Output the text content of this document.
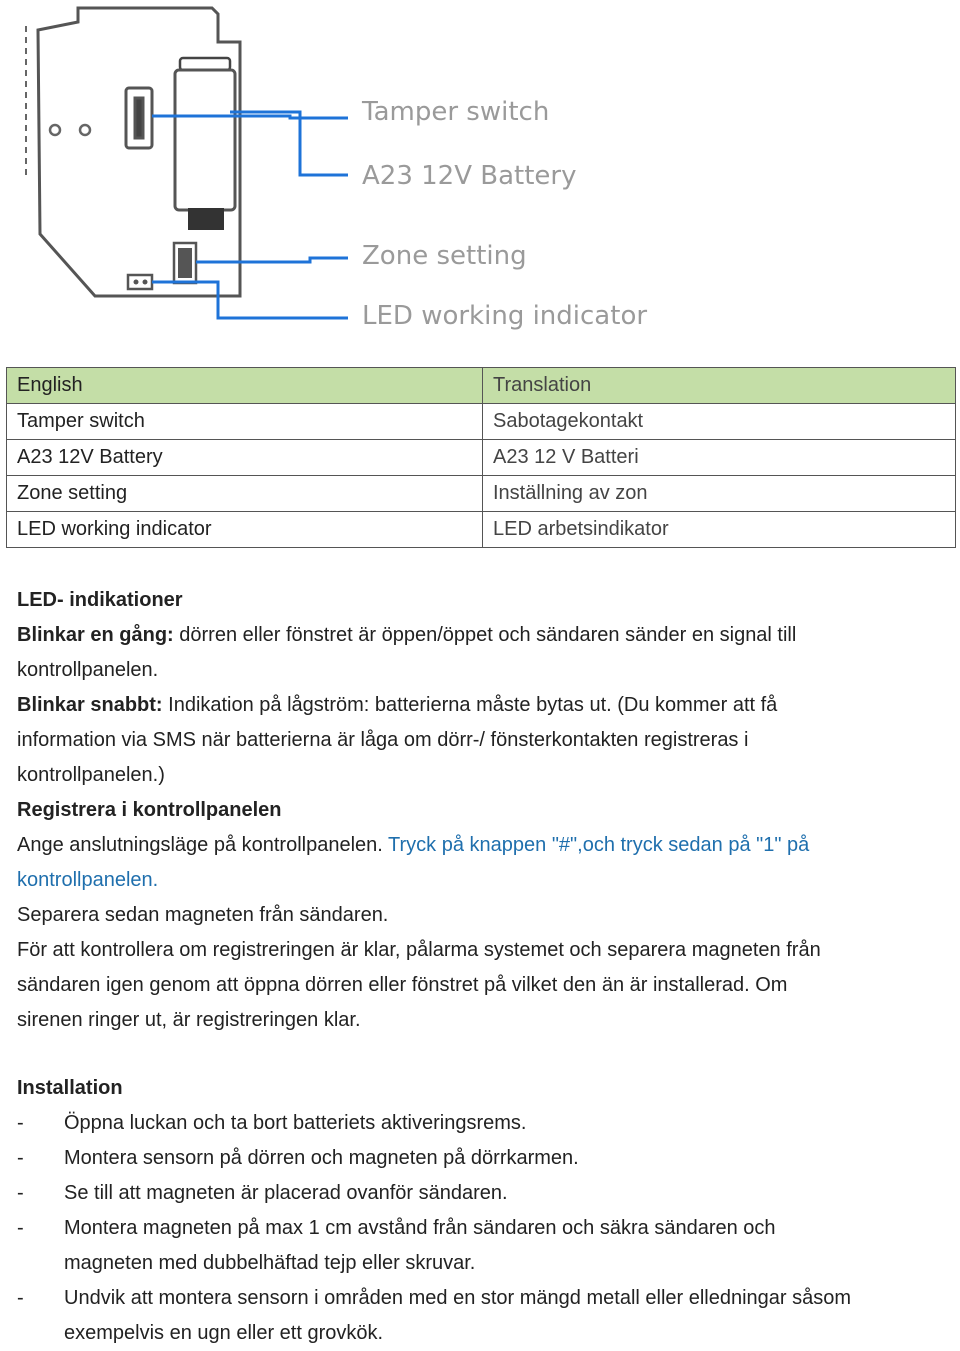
Tamper switch
A23 12V Battery
Zone setting
LED working indicator
English	Translation
Tamper switch	Sabotagekontakt
A23 12V Battery	A23 12 V Batteri
Zone setting	Inställning av zon
LED working indicator	LED arbetsindikator
LED- indikationer
Blinkar en gång: dörren eller fönstret är öppen/öppet och sändaren sänder en signal till
kontrollpanelen.
Blinkar snabbt: Indikation på lågström: batterierna måste bytas ut. (Du kommer att få
information via SMS när batterierna är låga om dörr-/ fönsterkontakten registreras i
kontrollpanelen.)
Registrera i kontrollpanelen
Ange anslutningsläge på kontrollpanelen. Tryck på knappen "#",och tryck sedan på "1" på
kontrollpanelen.
Separera sedan magneten från sändaren.
För att kontrollera om registreringen är klar, pålarma systemet och separera magneten från
sändaren igen genom att öppna dörren eller fönstret på vilket den än är installerad. Om
sirenen ringer ut, är registreringen klar.
Installation
-	Öppna luckan och ta bort batteriets aktiveringsrems.
-	Montera sensorn på dörren och magneten på dörrkarmen.
-	Se till att magneten är placerad ovanför sändaren.
-	Montera magneten på max 1 cm avstånd från sändaren och säkra sändaren och
magneten med dubbelhäftad tejp eller skruvar.
-	Undvik att montera sensorn i områden med en stor mängd metall eller elledningar såsom
exempelvis en ugn eller ett grovkök.
